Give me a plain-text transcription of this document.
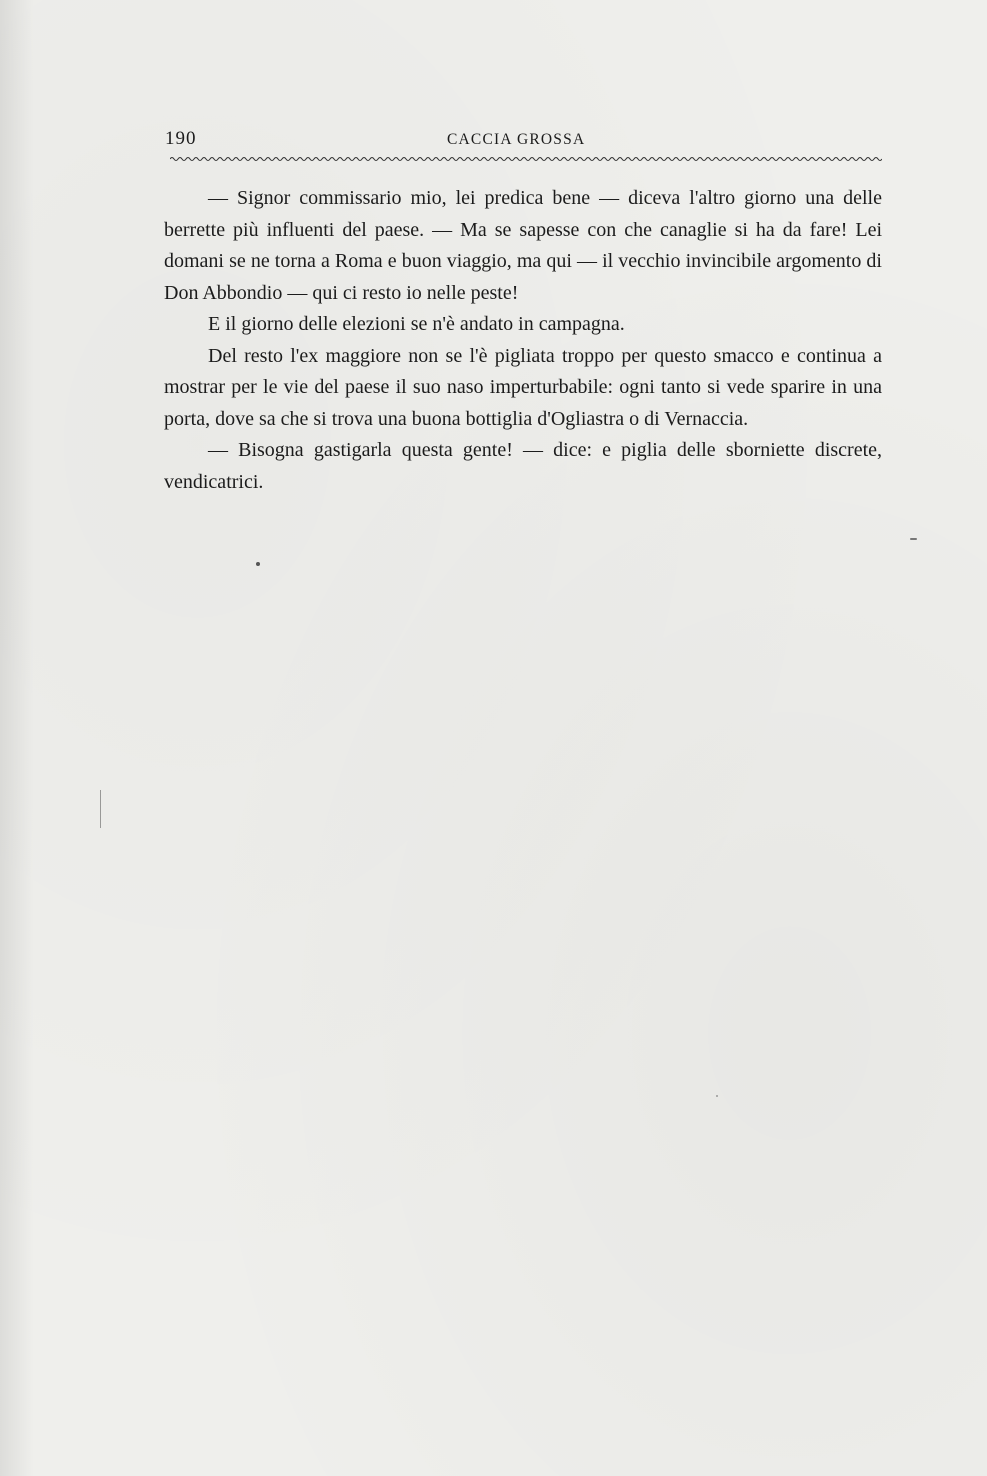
190	CACCIA GROSSA

— Signor commissario mio, lei predica bene — diceva l'altro giorno una delle berrette più influenti del paese. — Ma se sapesse con che canaglie si ha da fare! Lei domani se ne torna a Roma e buon viaggio, ma qui — il vecchio invincibile argomento di Don Abbondio — qui ci resto io nelle peste!

E il giorno delle elezioni se n'è andato in campagna.

Del resto l'ex maggiore non se l'è pigliata troppo per questo smacco e continua a mostrar per le vie del paese il suo naso imperturbabile: ogni tanto si vede sparire in una porta, dove sa che si trova una buona bottiglia d'Ogliastra o di Vernaccia.

— Bisogna gastigarla questa gente! — dice: e piglia delle sborniette discrete, vendicatrici.
